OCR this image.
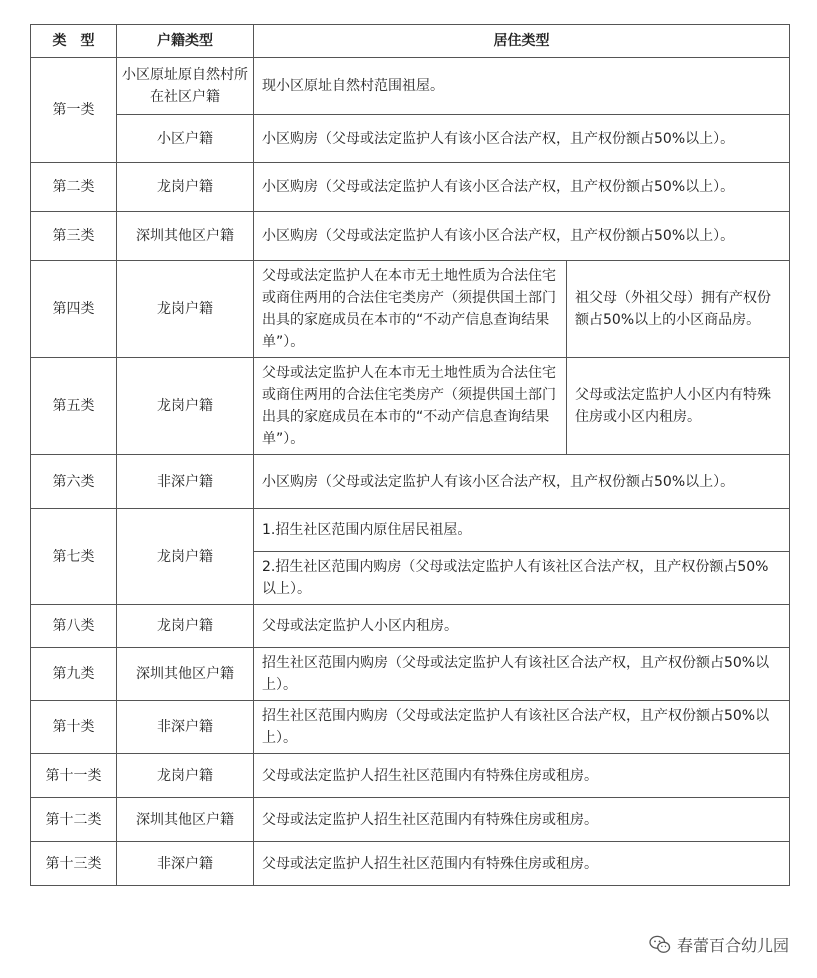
类　型	户籍类型	居住类型	
第一类	小区原址原自然村所在社区户籍	现小区原址自然村范围祖屋。	
	小区户籍	小区购房（父母或法定监护人有该小区合法产权，且产权份额占50%以上）。	
第二类	龙岗户籍	小区购房（父母或法定监护人有该小区合法产权，且产权份额占50%以上）。	
第三类	深圳其他区户籍	小区购房（父母或法定监护人有该小区合法产权，且产权份额占50%以上）。	
第四类	龙岗户籍	父母或法定监护人在本市无土地性质为合法住宅或商住两用的合法住宅类房产（须提供国土部门出具的家庭成员在本市的“不动产信息查询结果单”）。	祖父母（外祖父母）拥有产权份额占50%以上的小区商品房。
第五类	龙岗户籍	父母或法定监护人在本市无土地性质为合法住宅或商住两用的合法住宅类房产（须提供国土部门出具的家庭成员在本市的“不动产信息查询结果单”）。	父母或法定监护人小区内有特殊住房或小区内租房。
第六类	非深户籍	小区购房（父母或法定监护人有该小区合法产权，且产权份额占50%以上）。	
第七类	龙岗户籍	1.招生社区范围内原住居民祖屋。	
		2.招生社区范围内购房（父母或法定监护人有该社区合法产权，且产权份额占50%以上）。	
第八类	龙岗户籍	父母或法定监护人小区内租房。	
第九类	深圳其他区户籍	招生社区范围内购房（父母或法定监护人有该社区合法产权，且产权份额占50%以上）。	
第十类	非深户籍	招生社区范围内购房（父母或法定监护人有该社区合法产权，且产权份额占50%以上）。	
第十一类	龙岗户籍	父母或法定监护人招生社区范围内有特殊住房或租房。	
第十二类	深圳其他区户籍	父母或法定监护人招生社区范围内有特殊住房或租房。	
第十三类	非深户籍	父母或法定监护人招生社区范围内有特殊住房或租房。	
春蕾百合幼儿园
